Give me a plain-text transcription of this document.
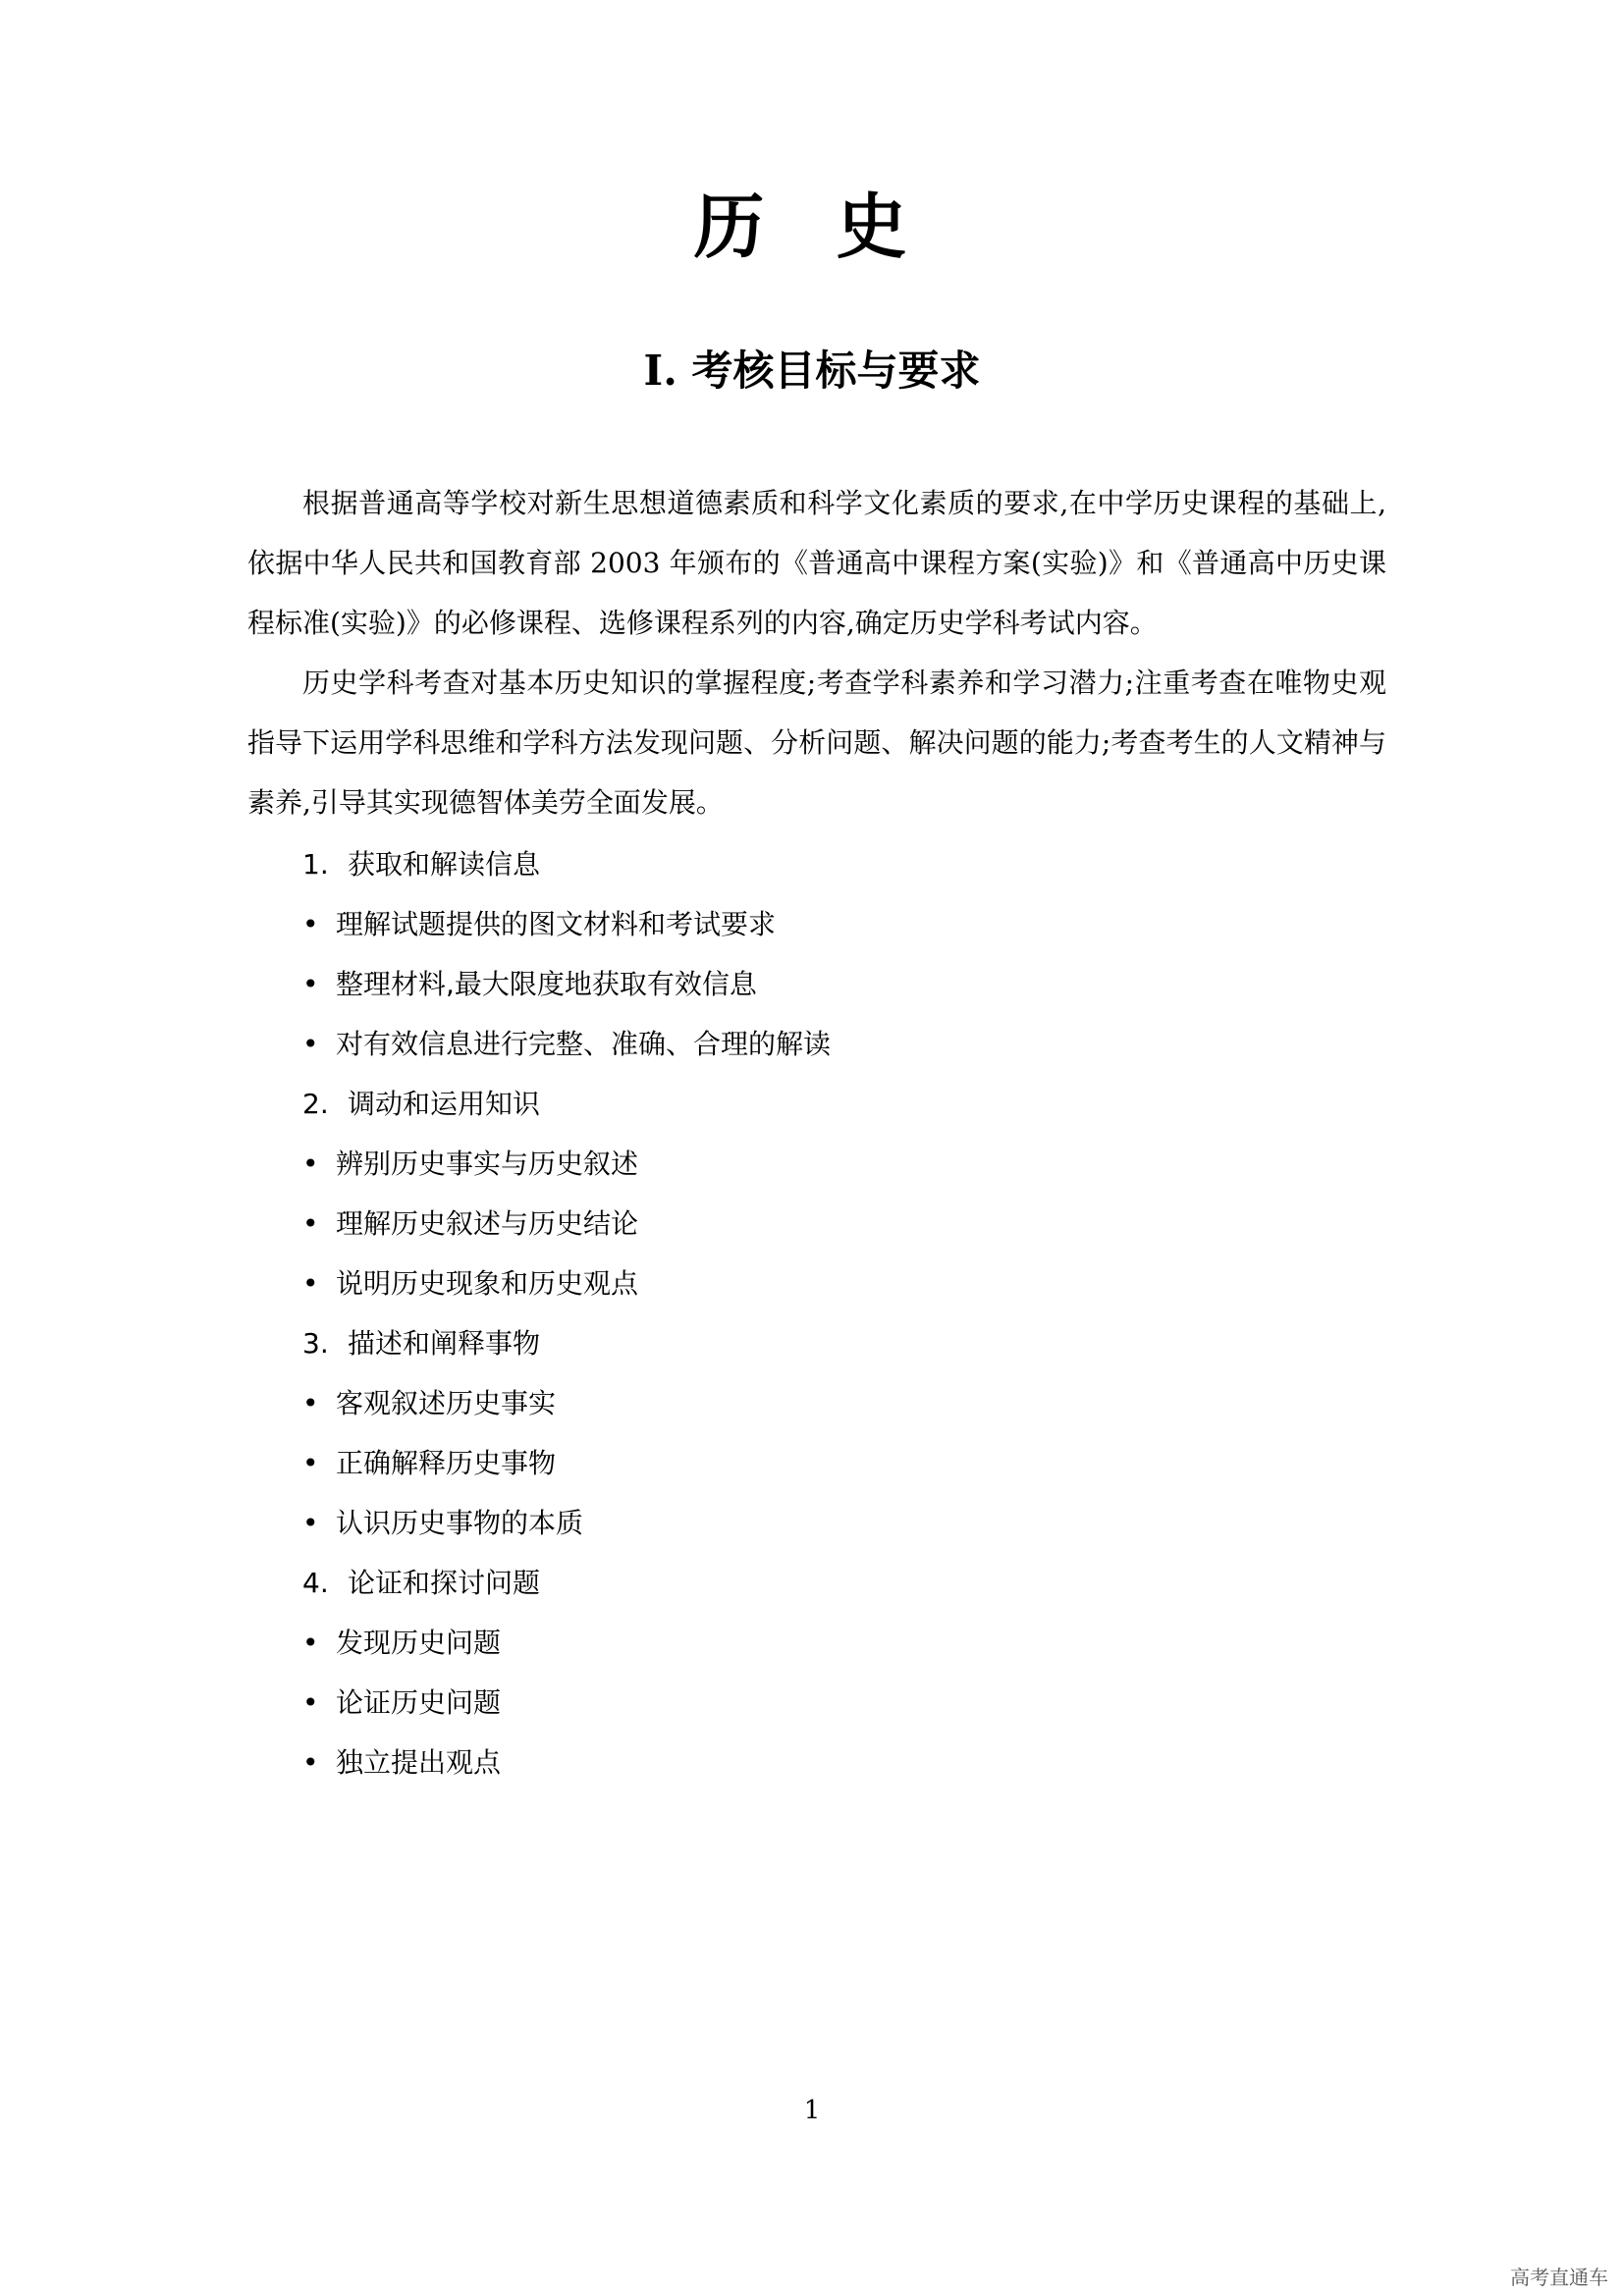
历 史
Ⅰ. 考核目标与要求

根据普通高等学校对新生思想道德素质和科学文化素质的要求,在中学历史课程的基础上,依据中华人民共和国教育部 2003 年颁布的《普通高中课程方案(实验)》和《普通高中历史课程标准(实验)》的必修课程、选修课程系列的内容,确定历史学科考试内容。

历史学科考查对基本历史知识的掌握程度;考查学科素养和学习潜力;注重考查在唯物史观指导下运用学科思维和学科方法发现问题、分析问题、解决问题的能力;考查考生的人文精神与素养,引导其实现德智体美劳全面发展。

1. 获取和解读信息
• 理解试题提供的图文材料和考试要求
• 整理材料,最大限度地获取有效信息
• 对有效信息进行完整、准确、合理的解读
2. 调动和运用知识
• 辨别历史事实与历史叙述
• 理解历史叙述与历史结论
• 说明历史现象和历史观点
3. 描述和阐释事物
• 客观叙述历史事实
• 正确解释历史事物
• 认识历史事物的本质
4. 论证和探讨问题
• 发现历史问题
• 论证历史问题
• 独立提出观点
1
高考直通车
